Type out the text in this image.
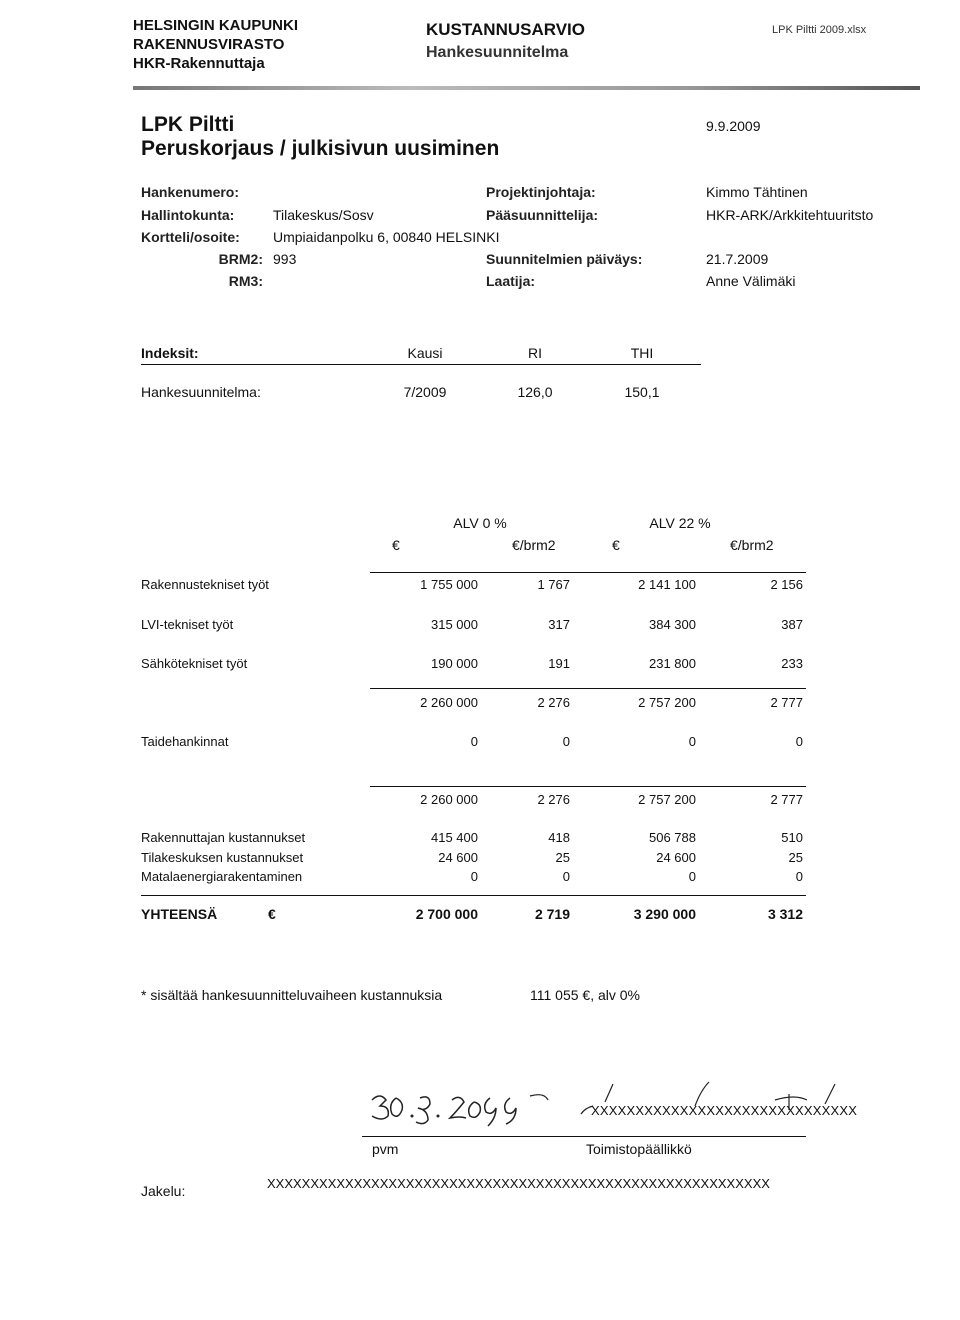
HELSINGIN KAUPUNKI
RAKENNUSVIRASTO
HKR-Rakennuttaja
KUSTANNUSARVIO
Hankesuunnitelma
LPK Piltti 2009.xlsx
LPK Piltti
Peruskorjaus / julkisivun uusiminen
9.9.2009
Hankenumero:
Hallintokunta:	Tilakeskus/Sosv
Kortteli/osoite: Umpiaidanpolku 6, 00840 HELSINKI
BRM2: 993
RM3:
Projektinjohtaja:	Kimmo Tähtinen
Pääsuunnittelija:	HKR-ARK/Arkkitehtuuritsto
Suunnitelmien päiväys:	21.7.2009
Laatija:	Anne Välimäki
Indeksit:	Kausi	RI	THI
Hankesuunnitelma:	7/2009	126,0	150,1
ALV 0 %	ALV 22 %
€	€/brm2	€	€/brm2
Rakennustekniset työt	1 755 000	1 767	2 141 100	2 156
LVI-tekniset työt	315 000	317	384 300	387
Sähkötekniset työt	190 000	191	231 800	233
2 260 000	2 276	2 757 200	2 777
Taidehankinnat	0	0	0	0
2 260 000	2 276	2 757 200	2 777
Rakennuttajan kustannukset	415 400	418	506 788	510
Tilakeskuksen kustannukset	24 600	25	24 600	25
Matalaenergiarakentaminen	0	0	0	0
YHTEENSÄ	€	2 700 000	2 719	3 290 000	3 312
* sisältää hankesuunnitteluvaiheen kustannuksia	111 055 €, alv 0%
XXXXXXXXXXXXXXXXXXXXXXXXXXXXXX
pvm	Toimistopäällikkö
Jakelu:	XXXXXXXXXXXXXXXXXXXXXXXXXXXXXXXXXXXXXXXXXXXXXXXXXXXXXXXXXX
